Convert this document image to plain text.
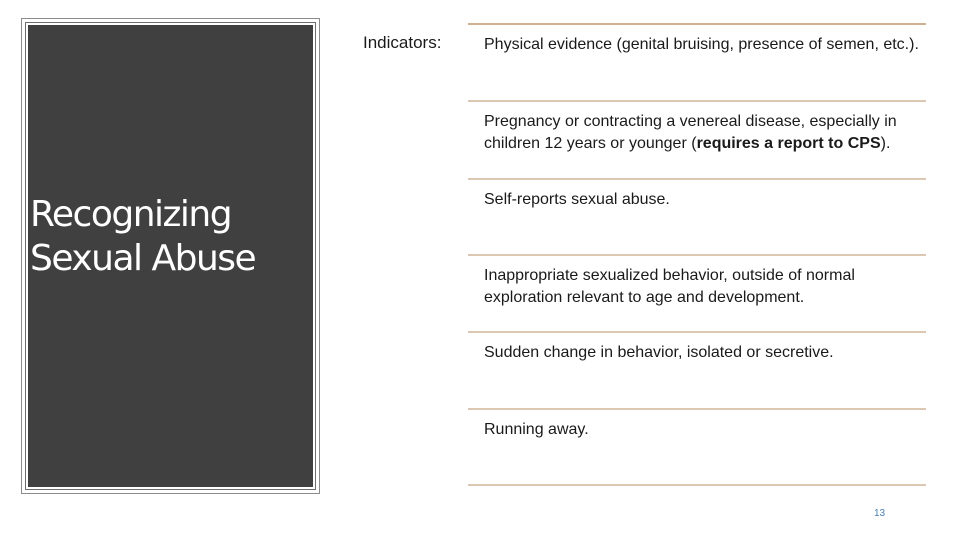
Recognizing
Sexual Abuse

Indicators:	Physical evidence (genital bruising, presence of semen, etc.).
Pregnancy or contracting a venereal disease, especially in children 12 years or younger (requires a report to CPS).
Self-reports sexual abuse.
Inappropriate sexualized behavior, outside of normal exploration relevant to age and development.
Sudden change in behavior, isolated or secretive.
Running away.
13
